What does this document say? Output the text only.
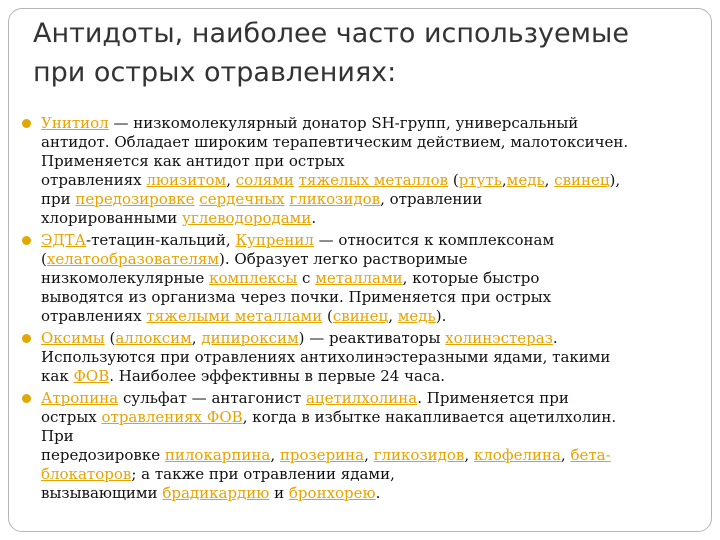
Антидоты, наиболее часто используемые
при острых отравлениях:
Унитиол — низкомолекулярный донатор SH-групп, универсальный
антидот. Обладает широким терапевтическим действием, малотоксичен.
Применяется как антидот при острых
отравлениях люизитом, солями тяжелых металлов (ртуть,медь, свинец),
при передозировке сердечных гликозидов, отравлении
хлорированными углеводородами.
ЭДТА-тетацин-кальций, Купренил — относится к комплексонам
(хелатообразователям). Образует легко растворимые
низкомолекулярные комплексы с металлами, которые быстро
выводятся из организма через почки. Применяется при острых
отравлениях тяжелыми металлами (свинец, медь).
Оксимы (аллоксим, дипироксим) — реактиваторы холинэстераз.
Используются при отравлениях антихолинэстеразными ядами, такими
как ФОВ. Наиболее эффективны в первые 24 часа.
Атропина сульфат — антагонист ацетилхолина. Применяется при
острых отравлениях ФОВ, когда в избытке накапливается ацетилхолин.
При
передозировке пилокарпина, прозерина, гликозидов, клофелина, бета-
блокаторов; а также при отравлении ядами,
вызывающими брадикардию и бронхорею.
